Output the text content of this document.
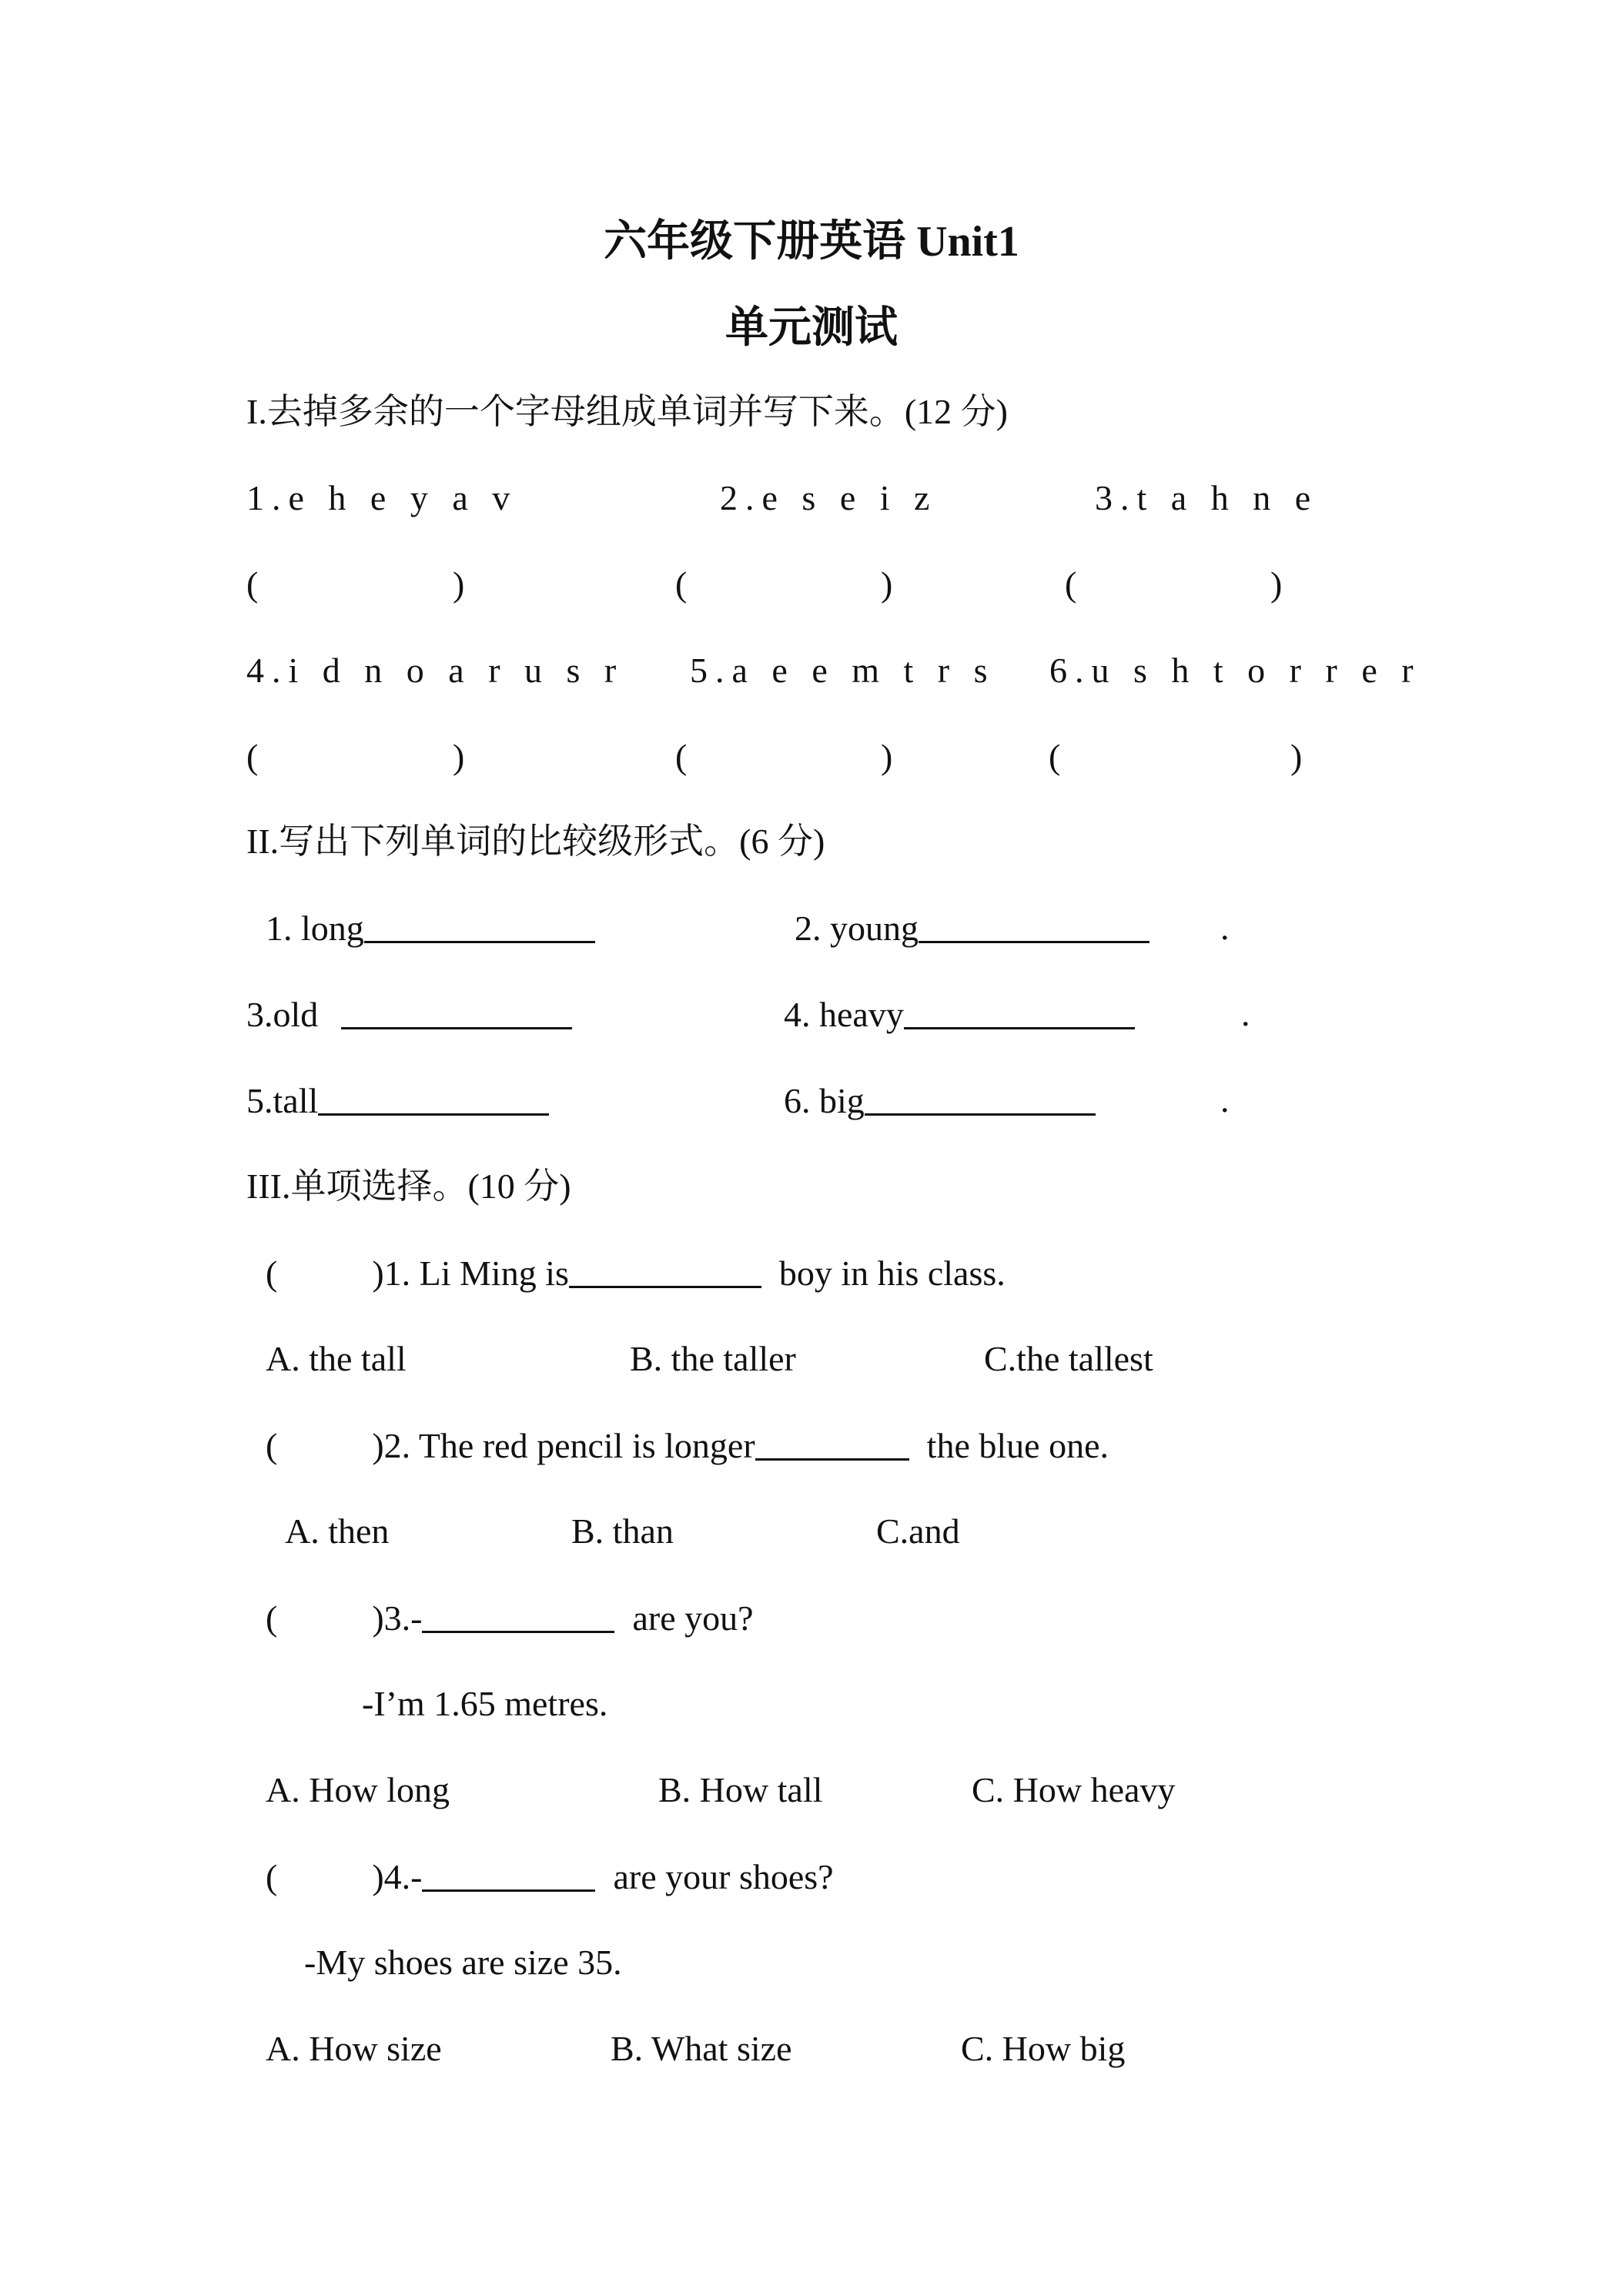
六年级下册英语 Unit1
单元测试
I.去掉多余的一个字母组成单词并写下来。(12 分)
1.e h e y a v	2.e s e i z	3.t a h n e
(	)	(	)	(	)
4.i d n o a r u s r 5.a e e m t r s 6.u s h t o r r e r
(	)	(	)	(	)
II.写出下列单词的比较级形式。(6 分)
1. long	2. young	.
3.old	4. heavy	.
5.tall	6. big	.
III.单项选择。(10 分)
(	)1. Li Ming is	boy in his class.
A. the tall	B. the taller	C.the tallest
(	)2. The red pencil is longer	the blue one.
A. then	B. than	C.and
(	)3.-	are you?
-I’m 1.65 metres.
A. How long	B. How tall	C. How heavy
(	)4.-	are your shoes?
-My shoes are size 35.
A. How size	B. What size	C. How big
